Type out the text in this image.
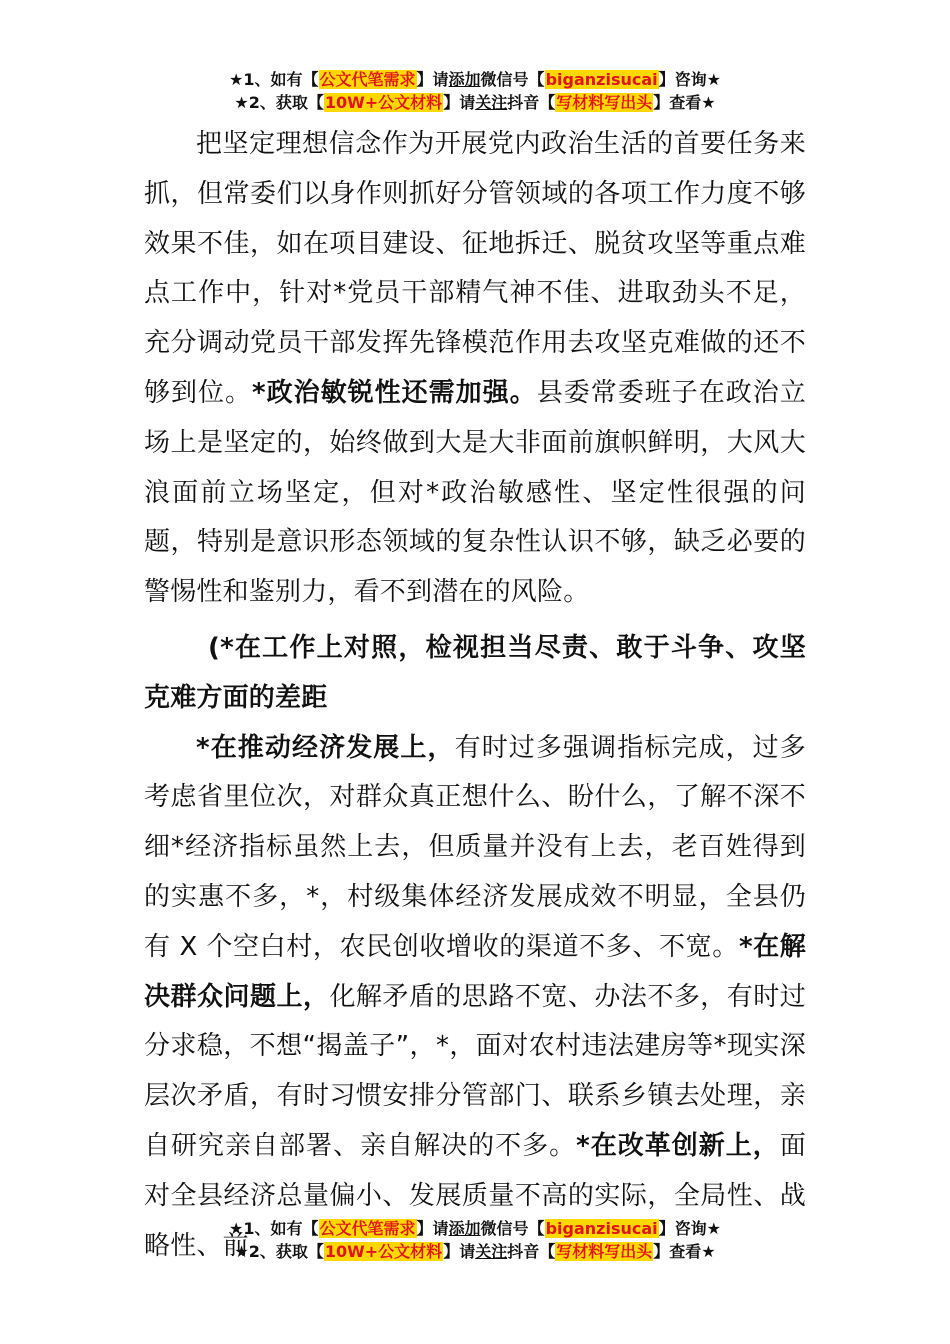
★1、如有【公文代笔需求】请添加微信号【biganzisucai】咨询★
★2、获取【10W+公文材料】请关注抖音【写材料写出头】查看★

把坚定理想信念作为开展党内政治生活的首要任务来抓，但常委们以身作则抓好分管领域的各项工作力度不够效果不佳，如在项目建设、征地拆迁、脱贫攻坚等重点难点工作中，针对*党员干部精气神不佳、进取劲头不足，充分调动党员干部发挥先锋模范作用去攻坚克难做的还不够到位。*政治敏锐性还需加强。县委常委班子在政治立场上是坚定的，始终做到大是大非面前旗帜鲜明，大风大浪面前立场坚定，但对*政治敏感性、坚定性很强的问题，特别是意识形态领域的复杂性认识不够，缺乏必要的警惕性和鉴别力，看不到潜在的风险。

(*在工作上对照，检视担当尽责、敢于斗争、攻坚克难方面的差距

*在推动经济发展上，有时过多强调指标完成，过多考虑省里位次，对群众真正想什么、盼什么，了解不深不细*经济指标虽然上去，但质量并没有上去，老百姓得到的实惠不多，*，村级集体经济发展成效不明显，全县仍有 X 个空白村，农民创收增收的渠道不多、不宽。*在解决群众问题上，化解矛盾的思路不宽、办法不多，有时过分求稳，不想“揭盖子”，*，面对农村违法建房等*现实深层次矛盾，有时习惯安排分管部门、联系乡镇去处理，亲自研究亲自部署、亲自解决的不多。*在改革创新上，面对全县经济总量偏小、发展质量不高的实际，全局性、战略性、前

★1、如有【公文代笔需求】请添加微信号【biganzisucai】咨询★
★2、获取【10W+公文材料】请关注抖音【写材料写出头】查看★
